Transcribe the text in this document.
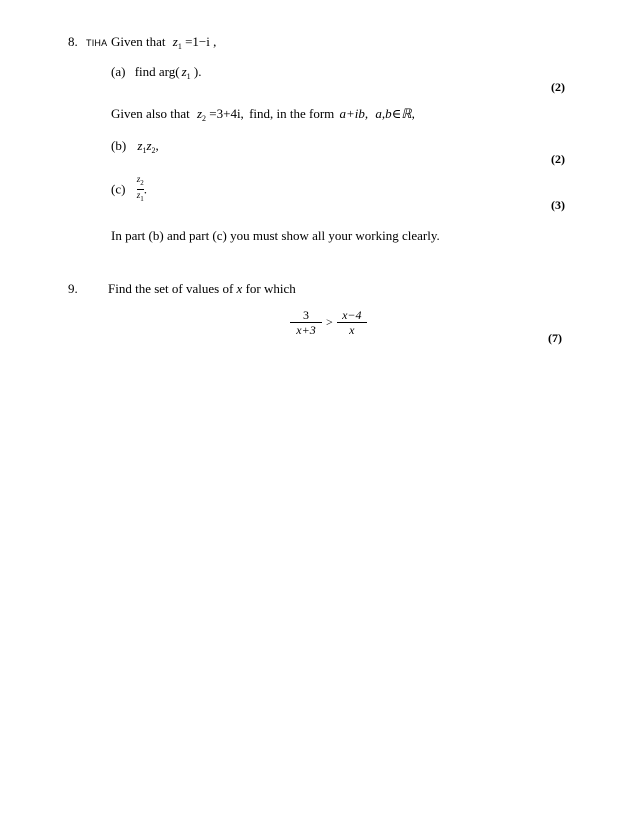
8. TIHA Given that $z_1 =1-i$ ,
(a) find arg( $z_1$ ).
(2)
Given also that $z_2 =3+4i$, find, in the form a+ib, a,b∈ℝ,
(b) $z_1z_2$,
(2)
$(c) \frac{z_2}{z_1}$ .
(3)
In part (b) and part (c) you must show all your working clearly.
9. Find the set of values of x for which
$\frac{3}{x+3} > \frac{x-4}{x}$
(7)
